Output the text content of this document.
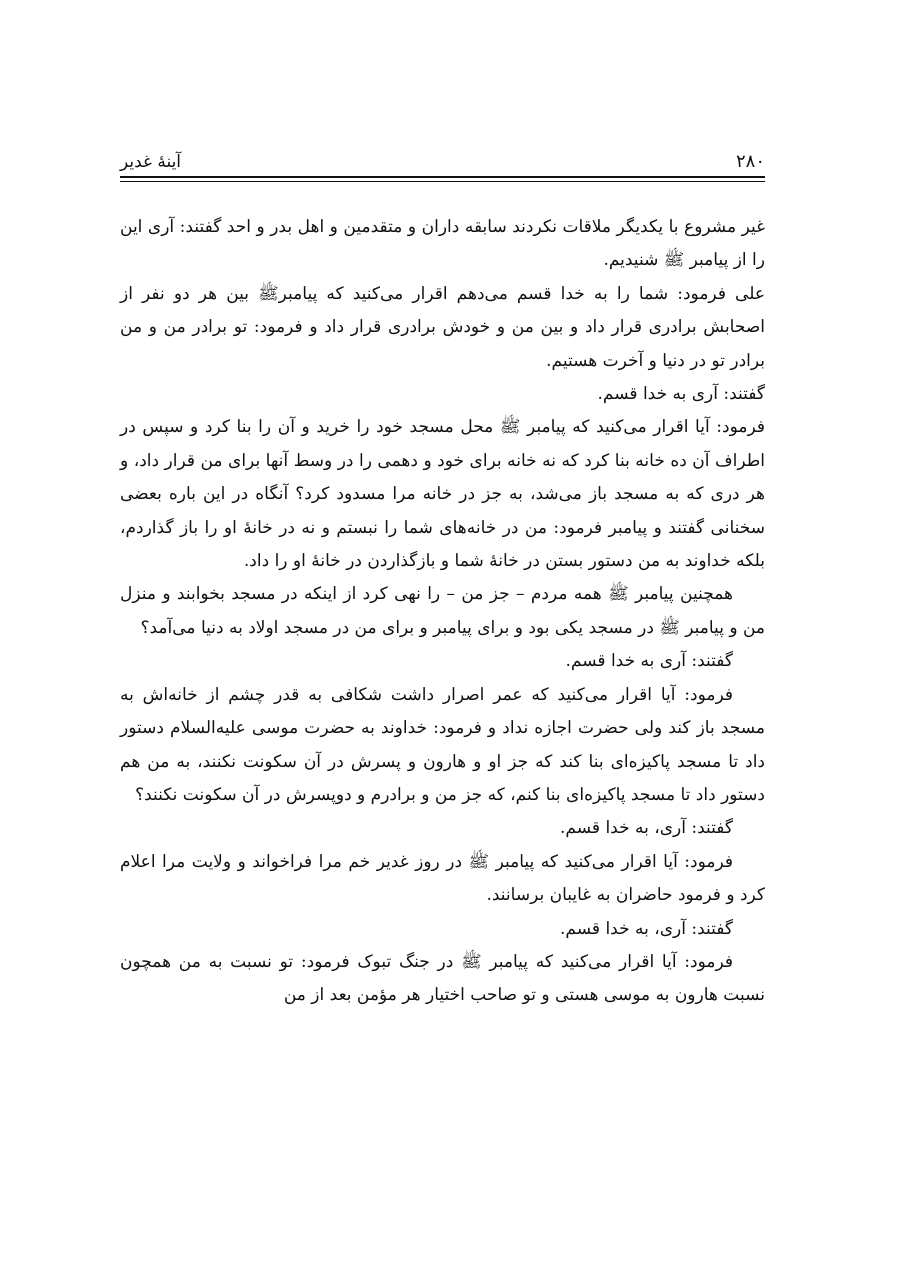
آینهٔ غدیر	۲۸۰

غیر مشروع با یکدیگر ملاقات نکردند سابقه داران و متقدمین و اهل بدر و احد گفتند: آری این را از پیامبر ﷺ شنیدیم.

علی فرمود: شما را به خدا قسم می‌دهم اقرار می‌کنید که پیامبرﷺ بین هر دو نفر از اصحابش برادری قرار داد و بین من و خودش برادری قرار داد و فرمود: تو برادر من و من برادر تو در دنیا و آخرت هستیم.

گفتند: آری به خدا قسم.

فرمود: آیا اقرار می‌کنید که پیامبر ﷺ محل مسجد خود را خرید و آن را بنا کرد و سپس در اطراف آن ده خانه بنا کرد که نه خانه برای خود و دهمی را در وسط آنها برای من قرار داد، و هر دری که به مسجد باز می‌شد، به جز در خانه مرا مسدود کرد؟ آنگاه در این باره بعضی سخنانی گفتند و پیامبر فرمود: من در خانه‌های شما را نبستم و نه در خانهٔ او را باز گذاردم، بلکه خداوند به من دستور بستن در خانهٔ شما و بازگذاردن در خانهٔ او را داد.

همچنین پیامبر ﷺ همه مردم – جز من – را نهی کرد از اینکه در مسجد بخوابند و منزل من و پیامبر ﷺ در مسجد یکی بود و برای پیامبر و برای من در مسجد اولاد به دنیا می‌آمد؟

گفتند: آری به خدا قسم.

فرمود: آیا اقرار می‌کنید که عمر اصرار داشت شکافی به قدر چشم از خانه‌اش به مسجد باز کند ولی حضرت اجازه نداد و فرمود: خداوند به حضرت موسی علیه‌السلام دستور داد تا مسجد پاکیزه‌ای بنا کند که جز او و هارون و پسرش در آن سکونت نکنند، به من هم دستور داد تا مسجد پاکیزه‌ای بنا کنم، که جز من و برادرم و دوپسرش در آن سکونت نکنند؟

گفتند: آری، به خدا قسم.

فرمود: آیا اقرار می‌کنید که پیامبر ﷺ در روز غدیر خم مرا فراخواند و ولایت مرا اعلام کرد و فرمود حاضران به غایبان برسانند.

گفتند: آری، به خدا قسم.

فرمود: آیا اقرار می‌کنید که پیامبر ﷺ در جنگ تبوک فرمود: تو نسبت به من همچون نسبت هارون به موسی هستی و تو صاحب اختیار هر مؤمن بعد از من
